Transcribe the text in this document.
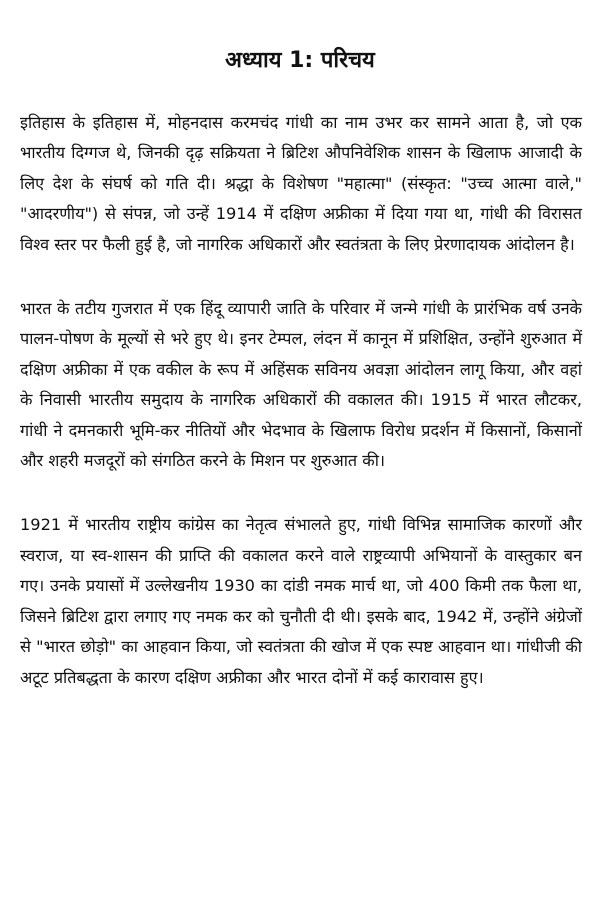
अध्याय 1: परिचय

इतिहास के इतिहास में, मोहनदास करमचंद गांधी का नाम उभर कर सामने आता है, जो एक भारतीय दिग्गज थे, जिनकी दृढ़ सक्रियता ने ब्रिटिश औपनिवेशिक शासन के खिलाफ आजादी के लिए देश के संघर्ष को गति दी। श्रद्धा के विशेषण "महात्मा" (संस्कृत: "उच्च आत्मा वाले," "आदरणीय") से संपन्न, जो उन्हें 1914 में दक्षिण अफ्रीका में दिया गया था, गांधी की विरासत विश्व स्तर पर फैली हुई है, जो नागरिक अधिकारों और स्वतंत्रता के लिए प्रेरणादायक आंदोलन है।

भारत के तटीय गुजरात में एक हिंदू व्यापारी जाति के परिवार में जन्मे गांधी के प्रारंभिक वर्ष उनके पालन-पोषण के मूल्यों से भरे हुए थे। इनर टेम्पल, लंदन में कानून में प्रशिक्षित, उन्होंने शुरुआत में दक्षिण अफ्रीका में एक वकील के रूप में अहिंसक सविनय अवज्ञा आंदोलन लागू किया, और वहां के निवासी भारतीय समुदाय के नागरिक अधिकारों की वकालत की। 1915 में भारत लौटकर, गांधी ने दमनकारी भूमि-कर नीतियों और भेदभाव के खिलाफ विरोध प्रदर्शन में किसानों, किसानों और शहरी मजदूरों को संगठित करने के मिशन पर शुरुआत की।

1921 में भारतीय राष्ट्रीय कांग्रेस का नेतृत्व संभालते हुए, गांधी विभिन्न सामाजिक कारणों और स्वराज, या स्व-शासन की प्राप्ति की वकालत करने वाले राष्ट्रव्यापी अभियानों के वास्तुकार बन गए। उनके प्रयासों में उल्लेखनीय 1930 का दांडी नमक मार्च था, जो 400 किमी तक फैला था, जिसने ब्रिटिश द्वारा लगाए गए नमक कर को चुनौती दी थी। इसके बाद, 1942 में, उन्होंने अंग्रेजों से "भारत छोड़ो" का आहवान किया, जो स्वतंत्रता की खोज में एक स्पष्ट आहवान था। गांधीजी की अटूट प्रतिबद्धता के कारण दक्षिण अफ्रीका और भारत दोनों में कई कारावास हुए।
